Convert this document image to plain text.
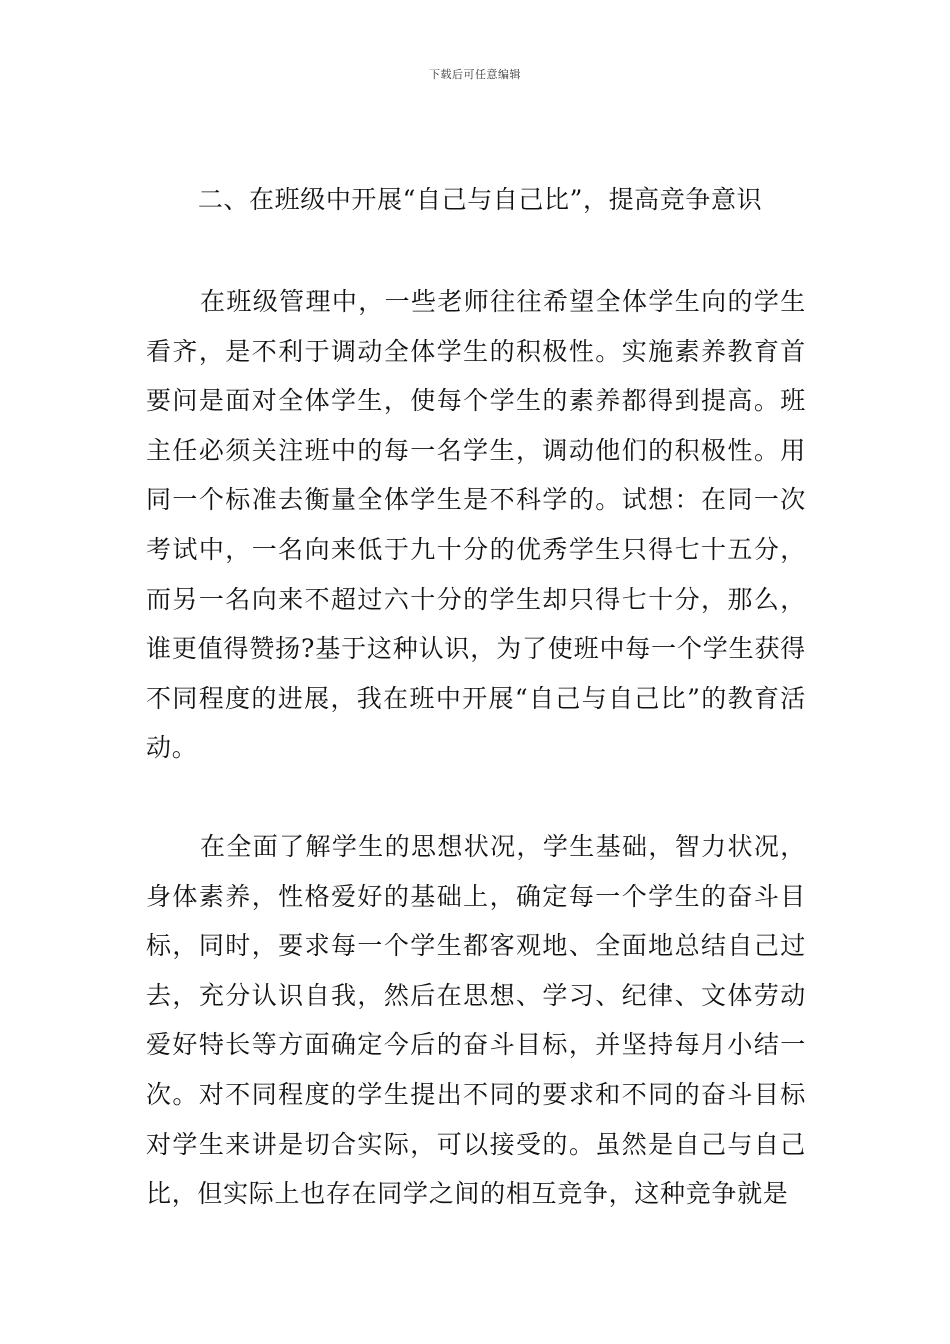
下载后可任意编辑
二、在班级中开展“自己与自己比”，提高竞争意识

在班级管理中，一些老师往往希望全体学生向的学生看齐，是不利于调动全体学生的积极性。实施素养教育首要问是面对全体学生，使每个学生的素养都得到提高。班主任必须关注班中的每一名学生，调动他们的积极性。用同一个标准去衡量全体学生是不科学的。试想：在同一次考试中，一名向来低于九十分的优秀学生只得七十五分，而另一名向来不超过六十分的学生却只得七十分，那么，谁更值得赞扬?基于这种认识，为了使班中每一个学生获得不同程度的进展，我在班中开展“自己与自己比”的教育活动。

在全面了解学生的思想状况，学生基础，智力状况，身体素养，性格爱好的基础上，确定每一个学生的奋斗目标，同时，要求每一个学生都客观地、全面地总结自己过去，充分认识自我，然后在思想、学习、纪律、文体劳动爱好特长等方面确定今后的奋斗目标，并坚持每月小结一次。对不同程度的学生提出不同的要求和不同的奋斗目标对学生来讲是切合实际，可以接受的。虽然是自己与自己比，但实际上也存在同学之间的相互竞争，这种竞争就是
